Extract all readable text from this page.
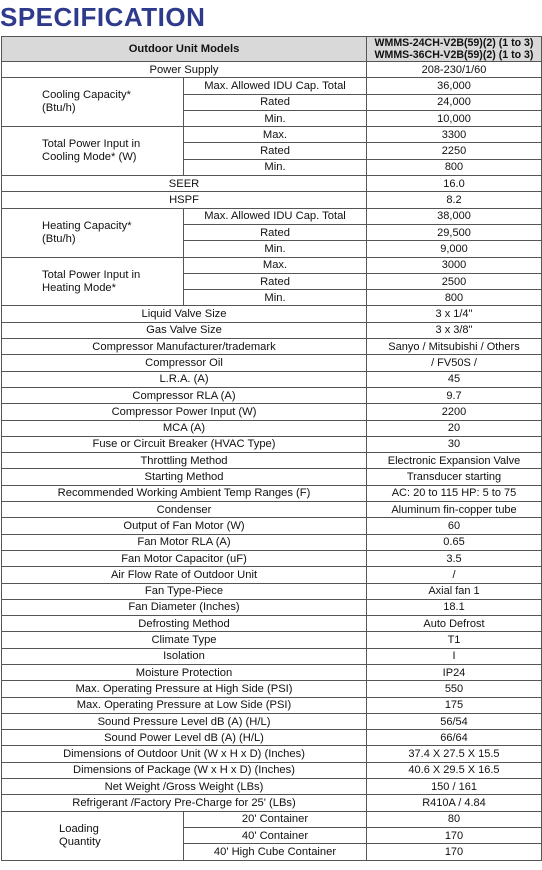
SPECIFICATION
Outdoor Unit Models		WMMS-24CH-V2B(59)(2) (1 to 3)
WMMS-36CH-V2B(59)(2) (1 to 3)

Power Supply		208-230/1/60

Cooling Capacity*
(Btu/h)	Max. Allowed IDU Cap. Total	36,000
	Rated	24,000
	Min.	10,000

Total Power Input in
Cooling Mode* (W)	Max.	3300
	Rated	2250
	Min.	800
SEER		16.0
HSPF		8.2

Heating Capacity*
(Btu/h)	Max. Allowed IDU Cap. Total	38,000
	Rated	29,500
	Min.	9,000

Total Power Input in
Heating Mode*	Max.	3000
	Rated	2500
	Min.	800
Liquid Valve Size		3 x 1/4"
Gas Valve Size		3 x 3/8"
Compressor Manufacturer/trademark		Sanyo / Mitsubishi / Others
Compressor Oil		/ FV50S /
L.R.A. (A)		45
Compressor RLA (A)		9.7
Compressor Power Input (W)		2200
MCA (A)		20
Fuse or Circuit Breaker (HVAC Type)		30
Throttling Method		Electronic Expansion Valve
Starting Method		Transducer starting
Recommended Working Ambient Temp Ranges (F)		AC: 20 to 115 HP: 5 to 75
Condenser		Aluminum fin-copper tube
Output of Fan Motor (W)		60
Fan Motor RLA (A)		0.65
Fan Motor Capacitor (uF)		3.5
Air Flow Rate of Outdoor Unit		/
Fan Type-Piece		Axial fan 1
Fan Diameter (Inches)		18.1
Defrosting Method		Auto Defrost
Climate Type		T1
Isolation		I
Moisture Protection		IP24
Max. Operating Pressure at High Side (PSI)		550
Max. Operating Pressure at Low Side (PSI)		175
Sound Pressure Level dB (A) (H/L)		56/54
Sound Power Level dB (A) (H/L)		66/64
Dimensions of Outdoor Unit (W x H x D) (Inches)		37.4 X 27.5 X 15.5
Dimensions of Package (W x H x D) (Inches)		40.6 X 29.5 X 16.5
Net Weight /Gross Weight (LBs)		150 / 161
Refrigerant /Factory Pre-Charge for 25' (LBs)		R410A / 4.84

Loading
Quantity	20' Container	80
	40' Container	170
	40' High Cube Container	170
